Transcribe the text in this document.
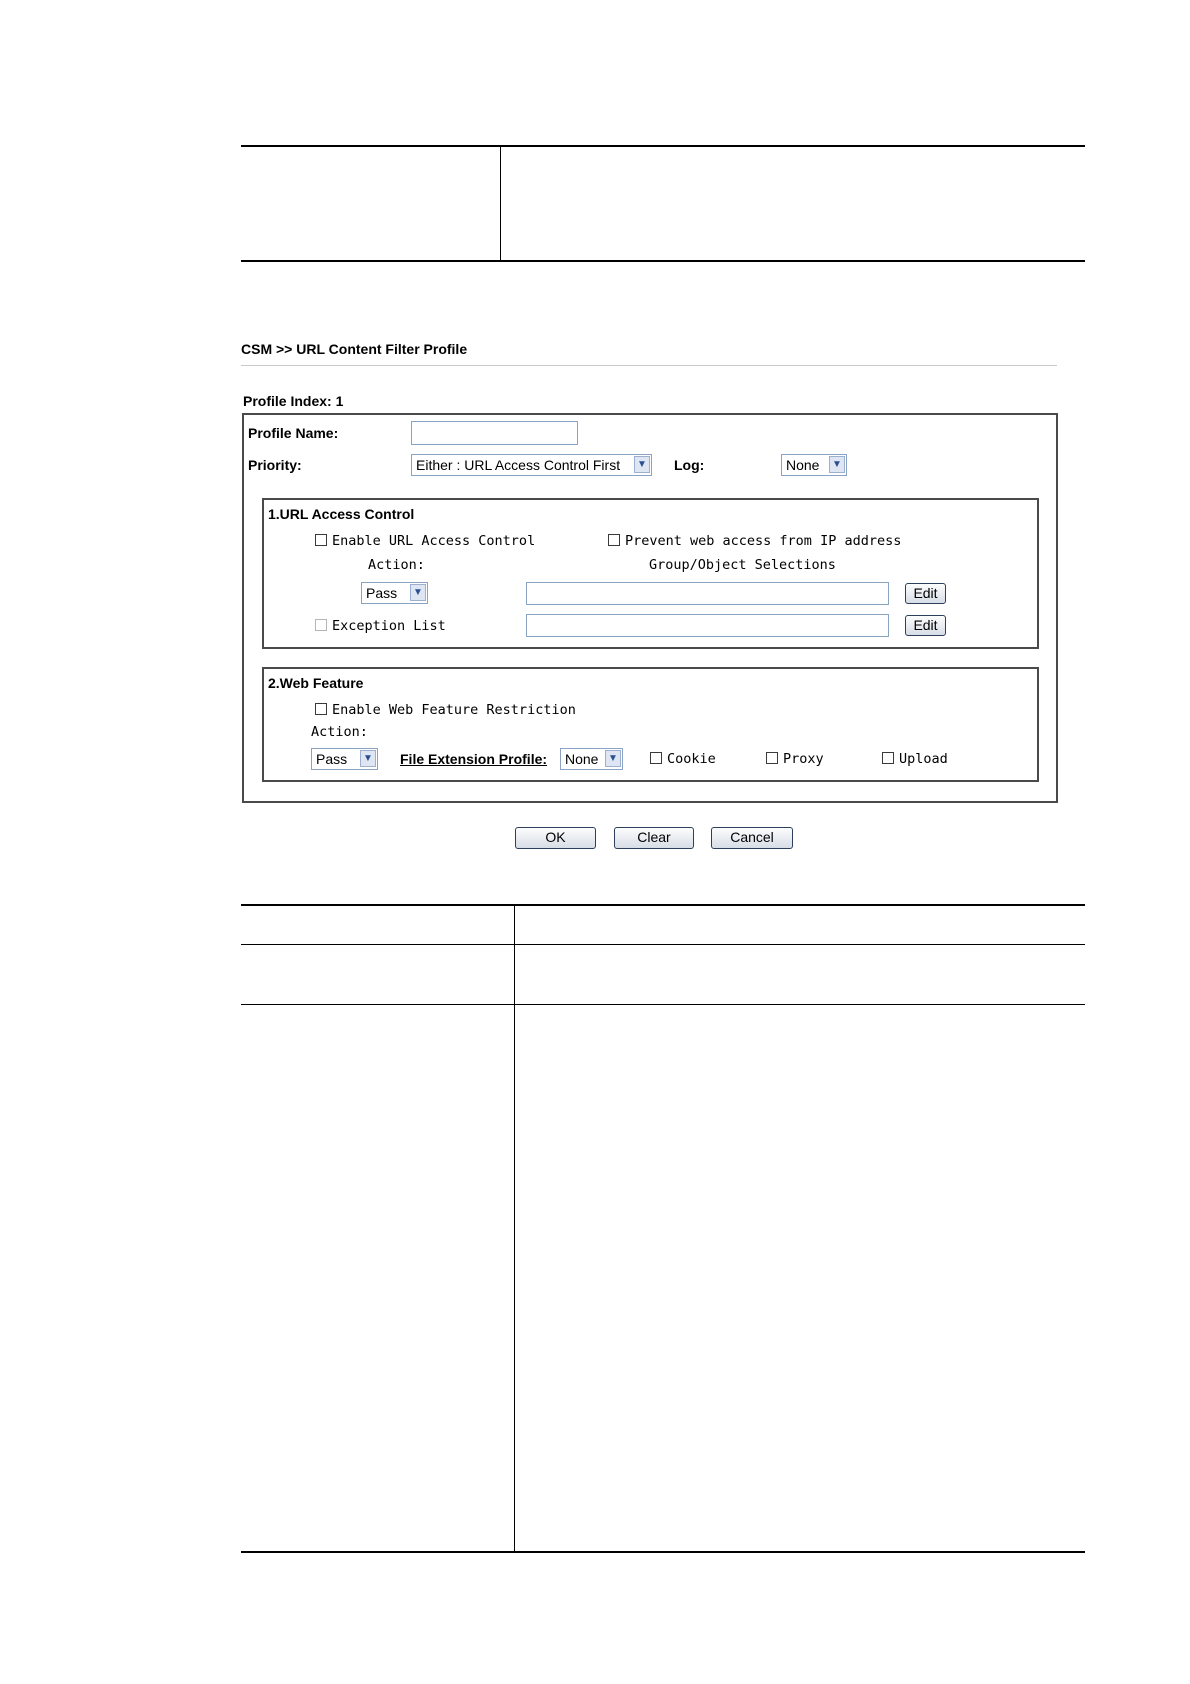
CSM >> URL Content Filter Profile
Profile Index: 1
Profile Name:
Priority:	Either : URL Access Control First	▼ Log:	None	▼
1.URL Access Control
Enable URL Access Control	Prevent web access from IP address
Action:	Group/Object Selections
Pass	▼	Edit
Exception List	Edit
2.Web Feature
Enable Web Feature Restriction
Action:
Pass	▼ File Extension Profile:	None ▼	Cookie	Proxy	Upload
OK	Clear	Cancel
